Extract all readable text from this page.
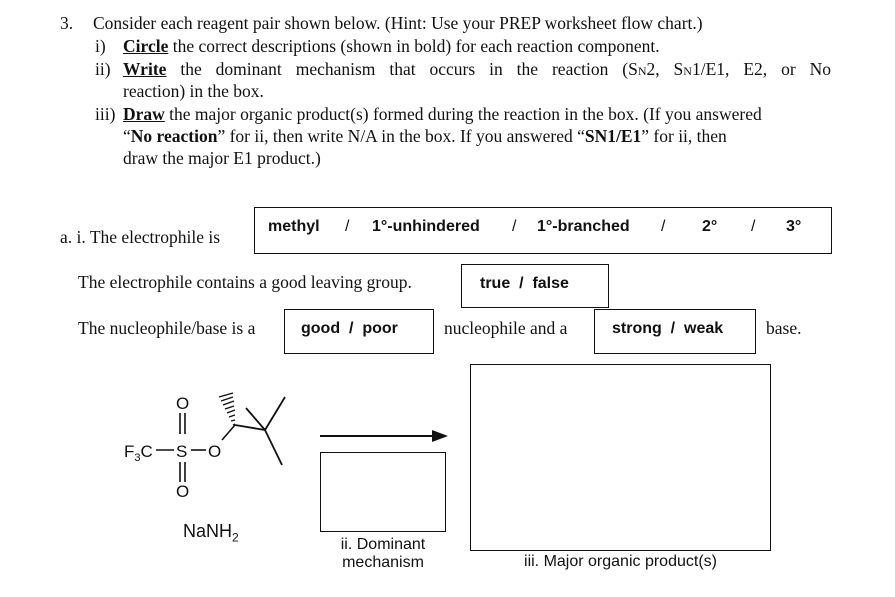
3. Consider each reagent pair shown below. (Hint: Use your PREP worksheet flow chart.)
i) Circle the correct descriptions (shown in bold) for each reaction component.
ii) Write the dominant mechanism that occurs in the reaction (SN2, SN1/E1, E2, or No
reaction) in the box.
iii) Draw the major organic product(s) formed during the reaction in the box. (If you answered
“No reaction” for ii, then write N/A in the box. If you answered “SN1/E1” for ii, then
draw the major E1 product.)
a. i. The electrophile is
methyl / 1°-unhindered / 1°-branched / 2° / 3°
The electrophile contains a good leaving group.	true  /  false
The nucleophile/base is a	good  /  poor	nucleophile and a	strong  /  weak base.
$F_3C$ S
O
O
O
NaNH$_2$	ii. Dominant
mechanism	iii. Major organic product(s)
